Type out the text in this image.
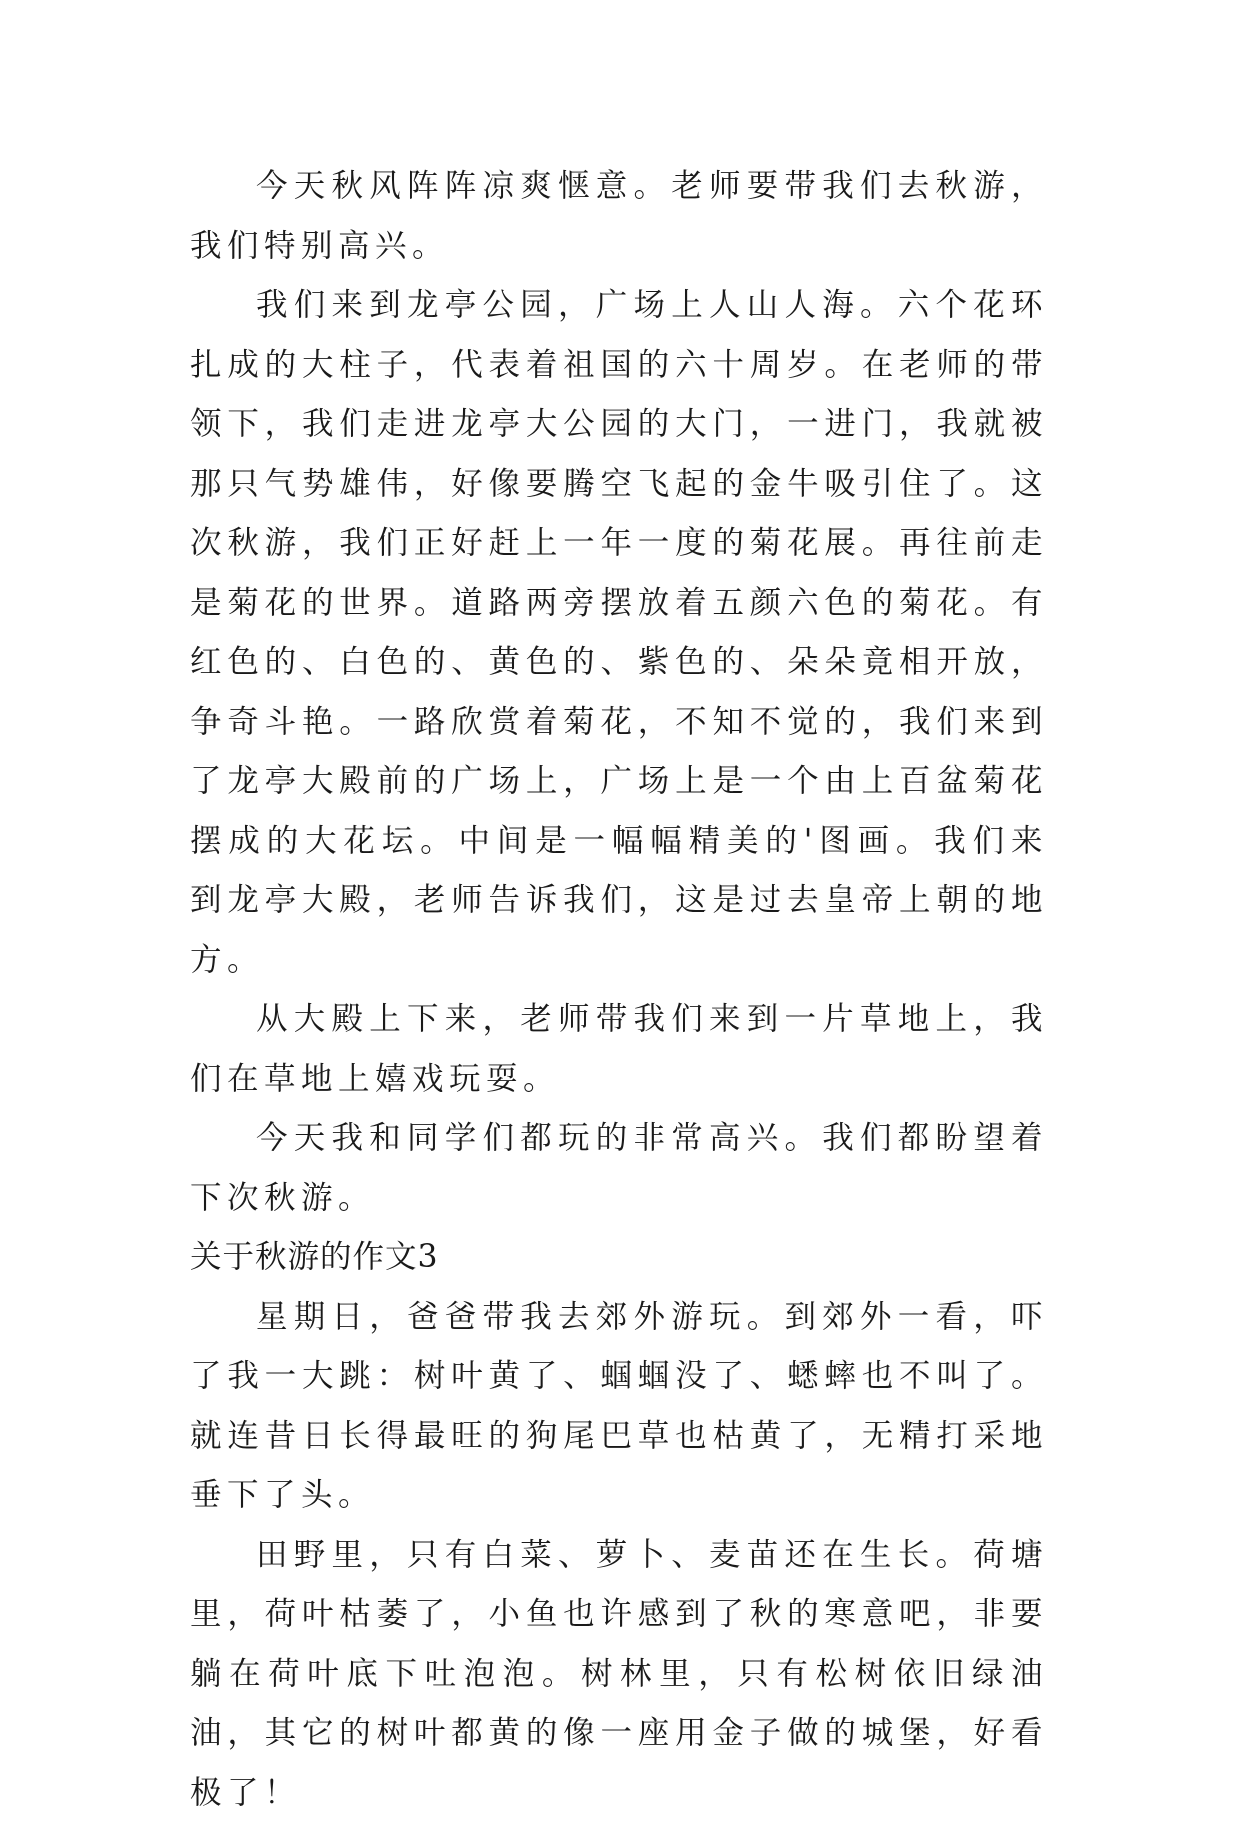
今天秋风阵阵凉爽惬意。老师要带我们去秋游，我们特别高兴。

我们来到龙亭公园，广场上人山人海。六个花环扎成的大柱子，代表着祖国的六十周岁。在老师的带领下，我们走进龙亭大公园的大门，一进门，我就被那只气势雄伟，好像要腾空飞起的金牛吸引住了。这次秋游，我们正好赶上一年一度的菊花展。再往前走是菊花的世界。道路两旁摆放着五颜六色的菊花。有红色的、白色的、黄色的、紫色的、朵朵竟相开放，争奇斗艳。一路欣赏着菊花，不知不觉的，我们来到了龙亭大殿前的广场上，广场上是一个由上百盆菊花摆成的大花坛。中间是一幅幅精美的'图画。我们来到龙亭大殿，老师告诉我们，这是过去皇帝上朝的地方。

从大殿上下来，老师带我们来到一片草地上，我们在草地上嬉戏玩耍。

今天我和同学们都玩的非常高兴。我们都盼望着下次秋游。

关于秋游的作文3

星期日，爸爸带我去郊外游玩。到郊外一看，吓了我一大跳：树叶黄了、蝈蝈没了、蟋蟀也不叫了。就连昔日长得最旺的狗尾巴草也枯黄了，无精打采地垂下了头。

田野里，只有白菜、萝卜、麦苗还在生长。荷塘里，荷叶枯萎了，小鱼也许感到了秋的寒意吧，非要躺在荷叶底下吐泡泡。树林里，只有松树依旧绿油油，其它的树叶都黄的像一座用金子做的城堡，好看极了！
